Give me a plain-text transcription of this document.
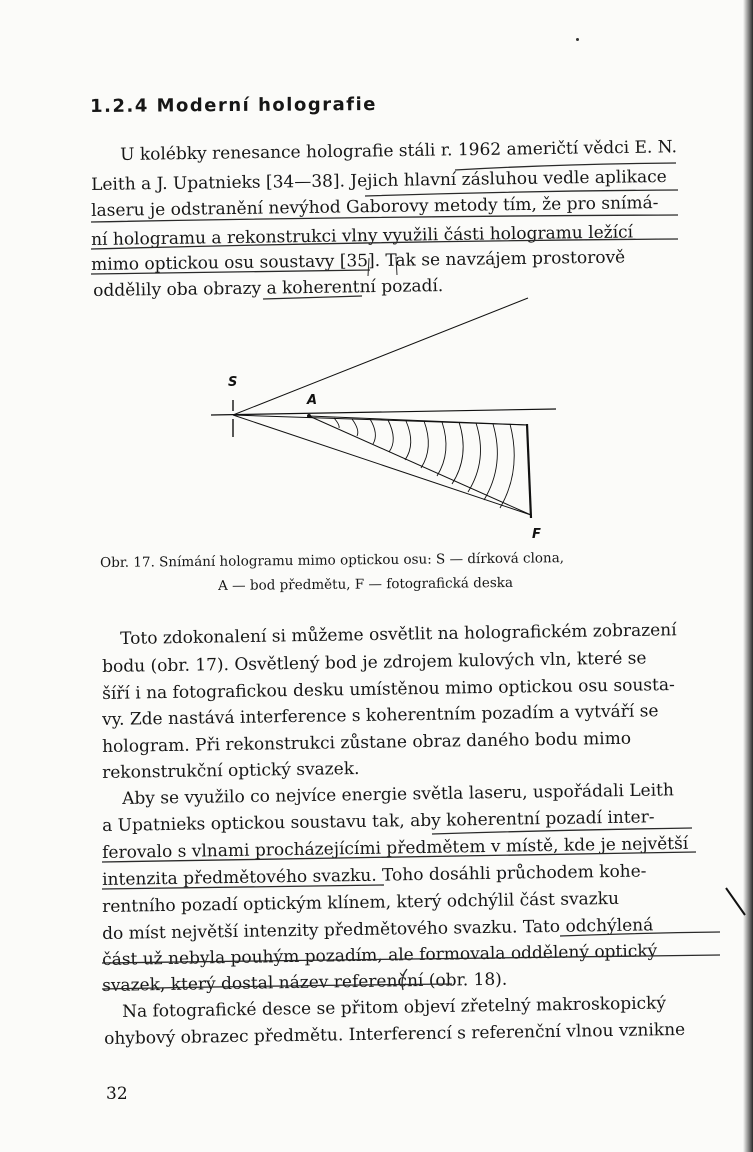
1.2.4 Moderní holografie
U kolébky renesance holografie stáli r. 1962 američtí vědci E. N.
Leith a J. Upatnieks [34—38]. Jejich hlavní zásluhou vedle aplikace
laseru je odstranění nevýhod Gaborovy metody tím, že pro snímá-
ní hologramu a rekonstrukci vlny využili části hologramu ležící
mimo optickou osu soustavy [35]. Tak se navzájem prostorově
oddělily oba obrazy a koherentní pozadí.
S
A
F
Obr. 17. Snímání hologramu mimo optickou osu: S — dírková clona,
A — bod předmětu, F — fotografická deska
Toto zdokonalení si můžeme osvětlit na holografickém zobrazení
bodu (obr. 17). Osvětlený bod je zdrojem kulových vln, které se
šíří i na fotografickou desku umístěnou mimo optickou osu sousta-
vy. Zde nastává interference s koherentním pozadím a vytváří se
hologram. Při rekonstrukci zůstane obraz daného bodu mimo
rekonstrukční optický svazek.
Aby se využilo co nejvíce energie světla laseru, uspořádali Leith
a Upatnieks optickou soustavu tak, aby koherentní pozadí inter-
ferovalo s vlnami procházejícími předmětem v místě, kde je největší
intenzita předmětového svazku. Toho dosáhli průchodem kohe-
rentního pozadí optickým klínem, který odchýlil část svazku
do míst největší intenzity předmětového svazku. Tato odchýlená
část už nebyla pouhým pozadím, ale formovala oddělený optický
svazek, který dostal název referenční (obr. 18).
Na fotografické desce se přitom objeví zřetelný makroskopický
ohybový obrazec předmětu. Interferencí s referenční vlnou vznikne
32
